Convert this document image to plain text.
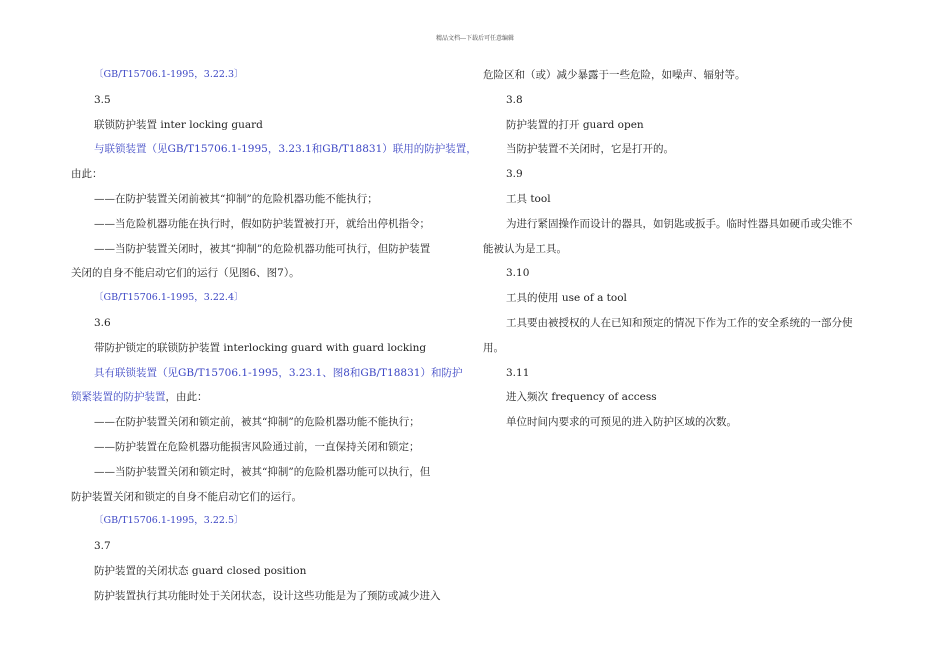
精品文档---下载后可任意编辑
〔GB/T15706.1-1995，3.22.3〕
3.5
联锁防护装置 inter locking guard
与联锁装置（见GB/T15706.1-1995，3.23.1和GB/T18831）联用的防护装置，
由此：
——在防护装置关闭前被其“抑制”的危险机器功能不能执行；
——当危险机器功能在执行时，假如防护装置被打开，就给出停机指令；
——当防护装置关闭时，被其“抑制”的危险机器功能可执行，但防护装置
关闭的自身不能启动它们的运行（见图6、图7）。
〔GB/T15706.1-1995，3.22.4〕
3.6
带防护锁定的联锁防护装置 interlocking guard with guard locking
具有联锁装置（见GB/T15706.1-1995，3.23.1、图8和GB/T18831）和防护
锁紧装置的防护装置，由此：
——在防护装置关闭和锁定前，被其“抑制”的危险机器功能不能执行；
——防护装置在危险机器功能损害风险通过前，一直保持关闭和锁定；
——当防护装置关闭和锁定时，被其“抑制”的危险机器功能可以执行，但
防护装置关闭和锁定的自身不能启动它们的运行。
〔GB/T15706.1-1995，3.22.5〕
3.7
防护装置的关闭状态 guard closed position
防护装置执行其功能时处于关闭状态，设计这些功能是为了预防或减少进入
危险区和（或）减少暴露于一些危险，如噪声、辐射等。
3.8
防护装置的打开 guard open
当防护装置不关闭时，它是打开的。
3.9
工具 tool
为进行紧固操作而设计的器具，如钥匙或扳手。临时性器具如硬币或尖锥不
能被认为是工具。
3.10
工具的使用 use of a tool
工具要由被授权的人在已知和预定的情况下作为工作的安全系统的一部分使
用。
3.11
进入频次 frequency of access
单位时间内要求的可预见的进入防护区域的次数。
